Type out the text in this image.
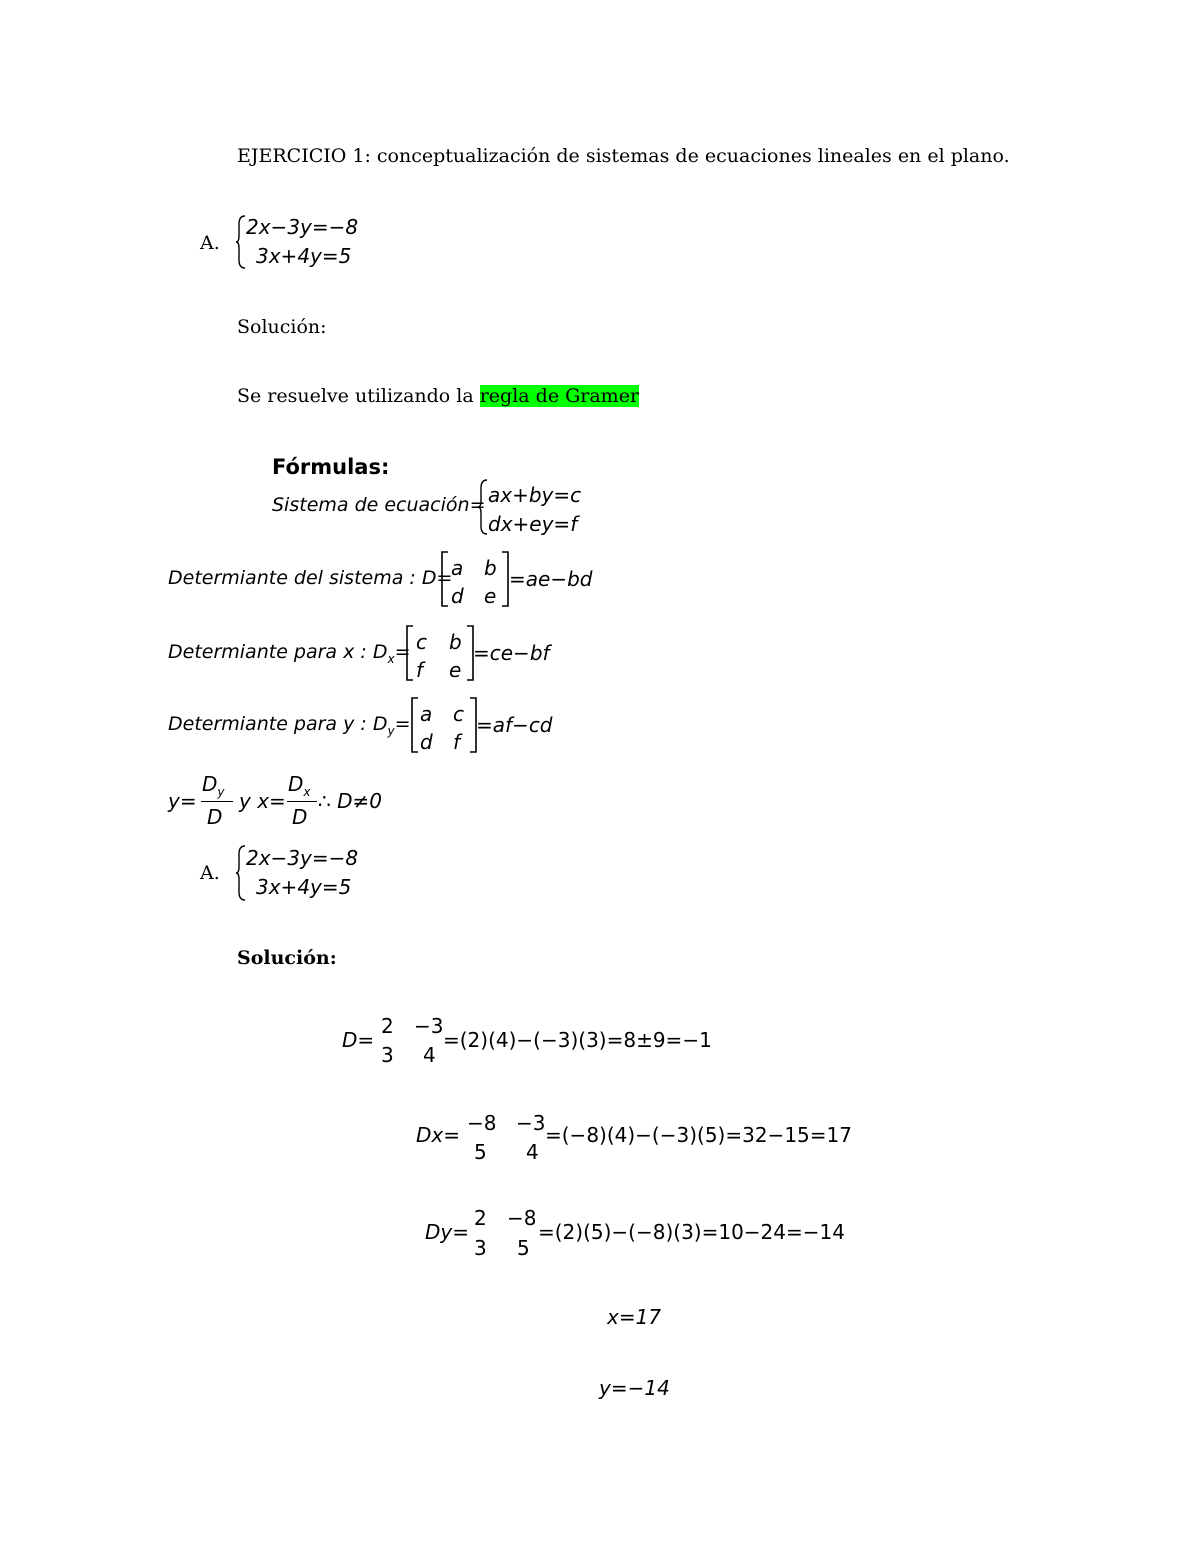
EJERCICIO 1: conceptualización de sistemas de ecuaciones lineales en el plano.
A.
2x−3y=−8
3x+4y=5
Solución:
Se resuelve utilizando la regla de Gramer
Fórmulas:
Sistema de ecuación= ax+by=c
dx+ey=f
Determiante del sistema : D=
a b
d e
=ae−bd
Determiante para x : $D_x= c$ b
f e
=ce−bf
Determiante para y : $D_y= a$ c
d f
=af−cd
y=
$D_y$
D
y x=
$D_x$
D
∴ D≠0
A.
2x−3y=−8
3x+4y=5
Solución:
D=
2 −3
3 4
=(2)(4)−(−3)(3)=8±9=−1
Dx= −8 −3
5 4
=(−8)(4)−(−3)(5)=32−15=17
Dy=
2 −8
3 5
=(2)(5)−(−8)(3)=10−24=−14
x=17
y=−14
